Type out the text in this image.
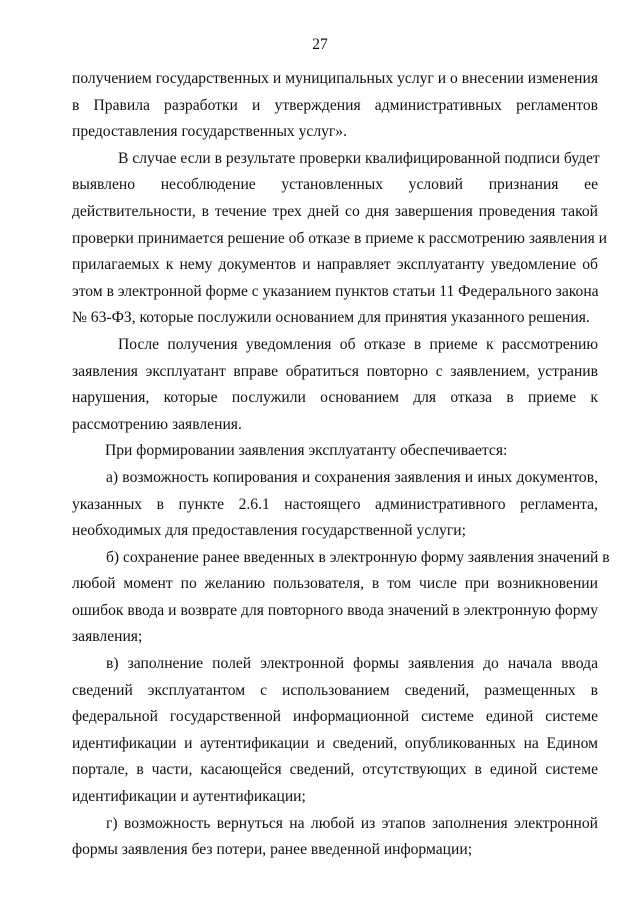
27
получением государственных и муниципальных услуг и о внесении изменения
в Правила разработки и утверждения административных регламентов
предоставления государственных услуг».
В случае если в результате проверки квалифицированной подписи будет
выявлено несоблюдение установленных условий признания ее
действительности, в течение трех дней со дня завершения проведения такой
проверки принимается решение об отказе в приеме к рассмотрению заявления и
прилагаемых к нему документов и направляет эксплуатанту уведомление об
этом в электронной форме с указанием пунктов статьи 11 Федерального закона
№ 63-ФЗ, которые послужили основанием для принятия указанного решения.
После получения уведомления об отказе в приеме к рассмотрению
заявления эксплуатант вправе обратиться повторно с заявлением, устранив
нарушения, которые послужили основанием для отказа в приеме к
рассмотрению заявления.
При формировании заявления эксплуатанту обеспечивается:
а) возможность копирования и сохранения заявления и иных документов,
указанных в пункте 2.6.1 настоящего административного регламента,
необходимых для предоставления государственной услуги;
б) сохранение ранее введенных в электронную форму заявления значений в
любой момент по желанию пользователя, в том числе при возникновении
ошибок ввода и возврате для повторного ввода значений в электронную форму
заявления;
в) заполнение полей электронной формы заявления до начала ввода
сведений эксплуатантом с использованием сведений, размещенных в
федеральной государственной информационной системе единой системе
идентификации и аутентификации и сведений, опубликованных на Едином
портале, в части, касающейся сведений, отсутствующих в единой системе
идентификации и аутентификации;
г) возможность вернуться на любой из этапов заполнения электронной
формы заявления без потери, ранее введенной информации;
